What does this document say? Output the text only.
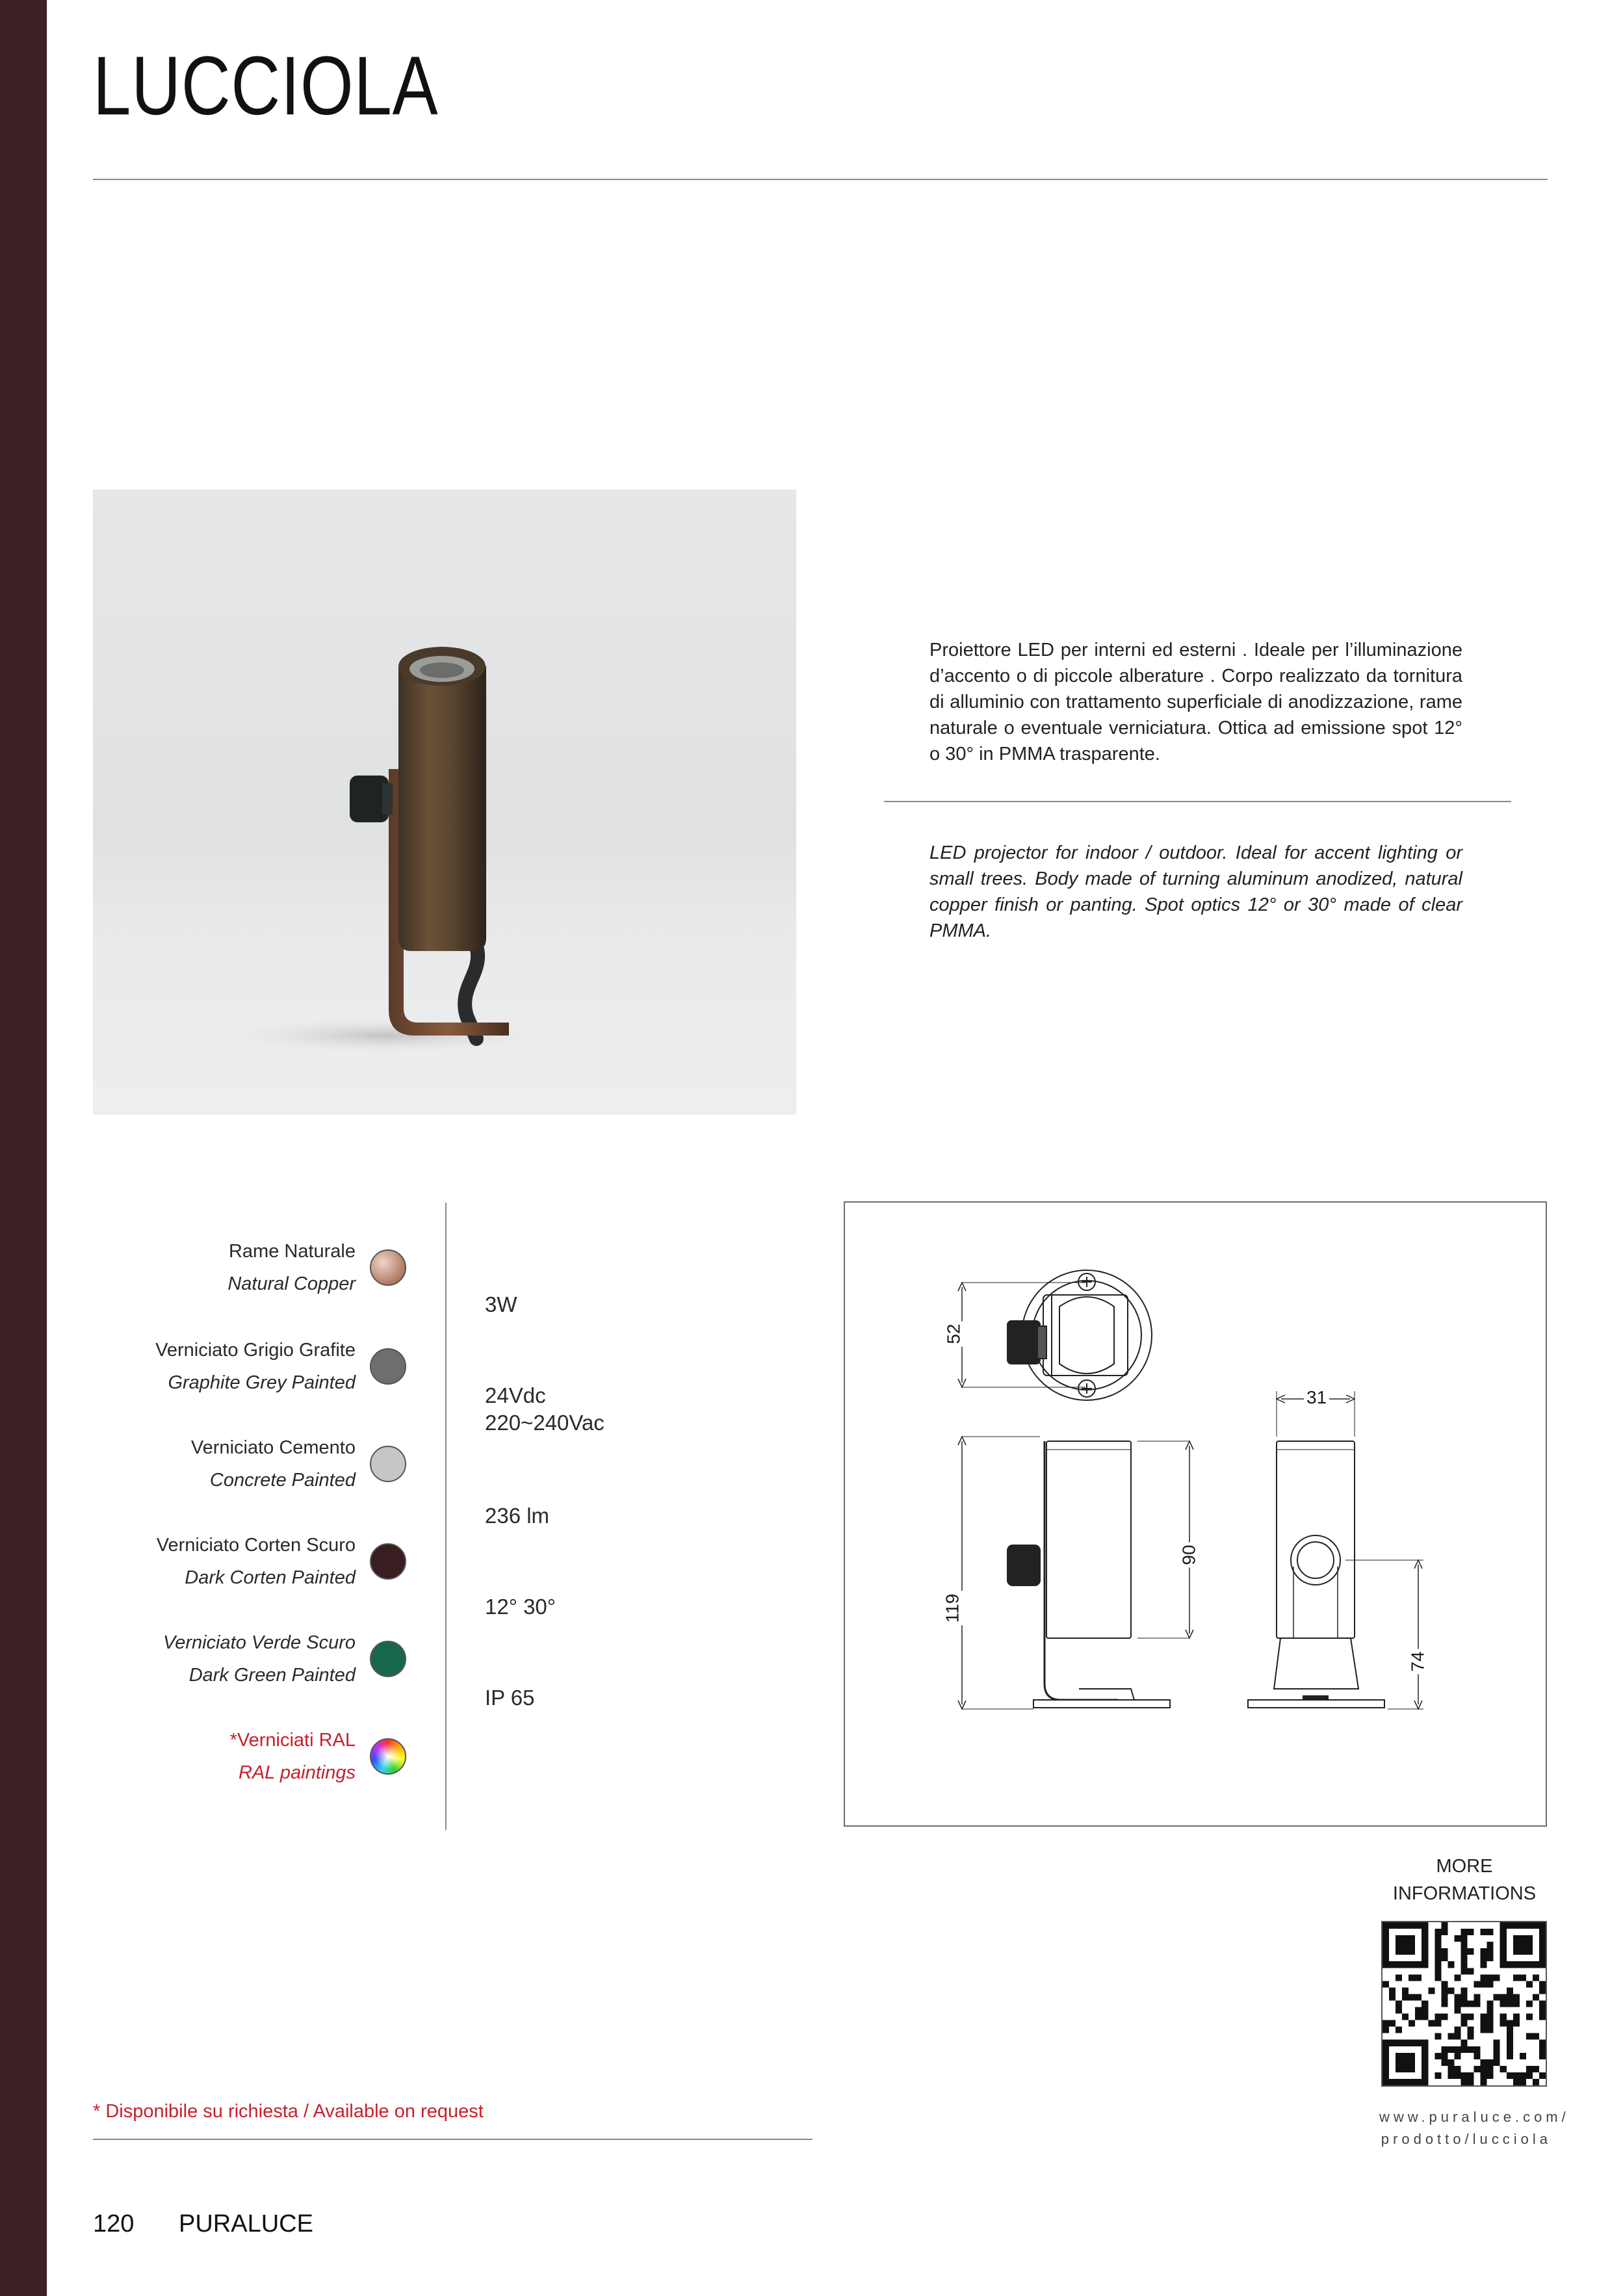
LUCCIOLA
Proiettore LED per interni ed esterni . Ideale per l’illuminazione d’accento o di piccole alberature . Corpo realizzato da tornitura di alluminio con trattamento superficiale di anodizzazione, rame naturale o eventuale verniciatura. Ottica ad emissione spot 12° o 30° in PMMA trasparente.
LED projector for indoor / outdoor. Ideal for accent lighting or small trees. Body made of turning aluminum anodized, natural copper finish or panting. Spot optics 12° or 30° made of clear PMMA.
Rame Naturale
Natural Copper
Verniciato Grigio Grafite
Graphite Grey Painted
Verniciato Cemento
Concrete Painted
Verniciato Corten Scuro
Dark Corten Painted
Verniciato Verde Scuro
Dark Green Painted
*Verniciati RAL
RAL paintings
3W
24Vdc
220~240Vac
236 lm
12° 30°
IP 65
52
31
119
90
74
MORE
INFORMATIONS
www.puraluce.com/
prodotto/lucciola
* Disponibile su richiesta / Available on request
120 PURALUCE
